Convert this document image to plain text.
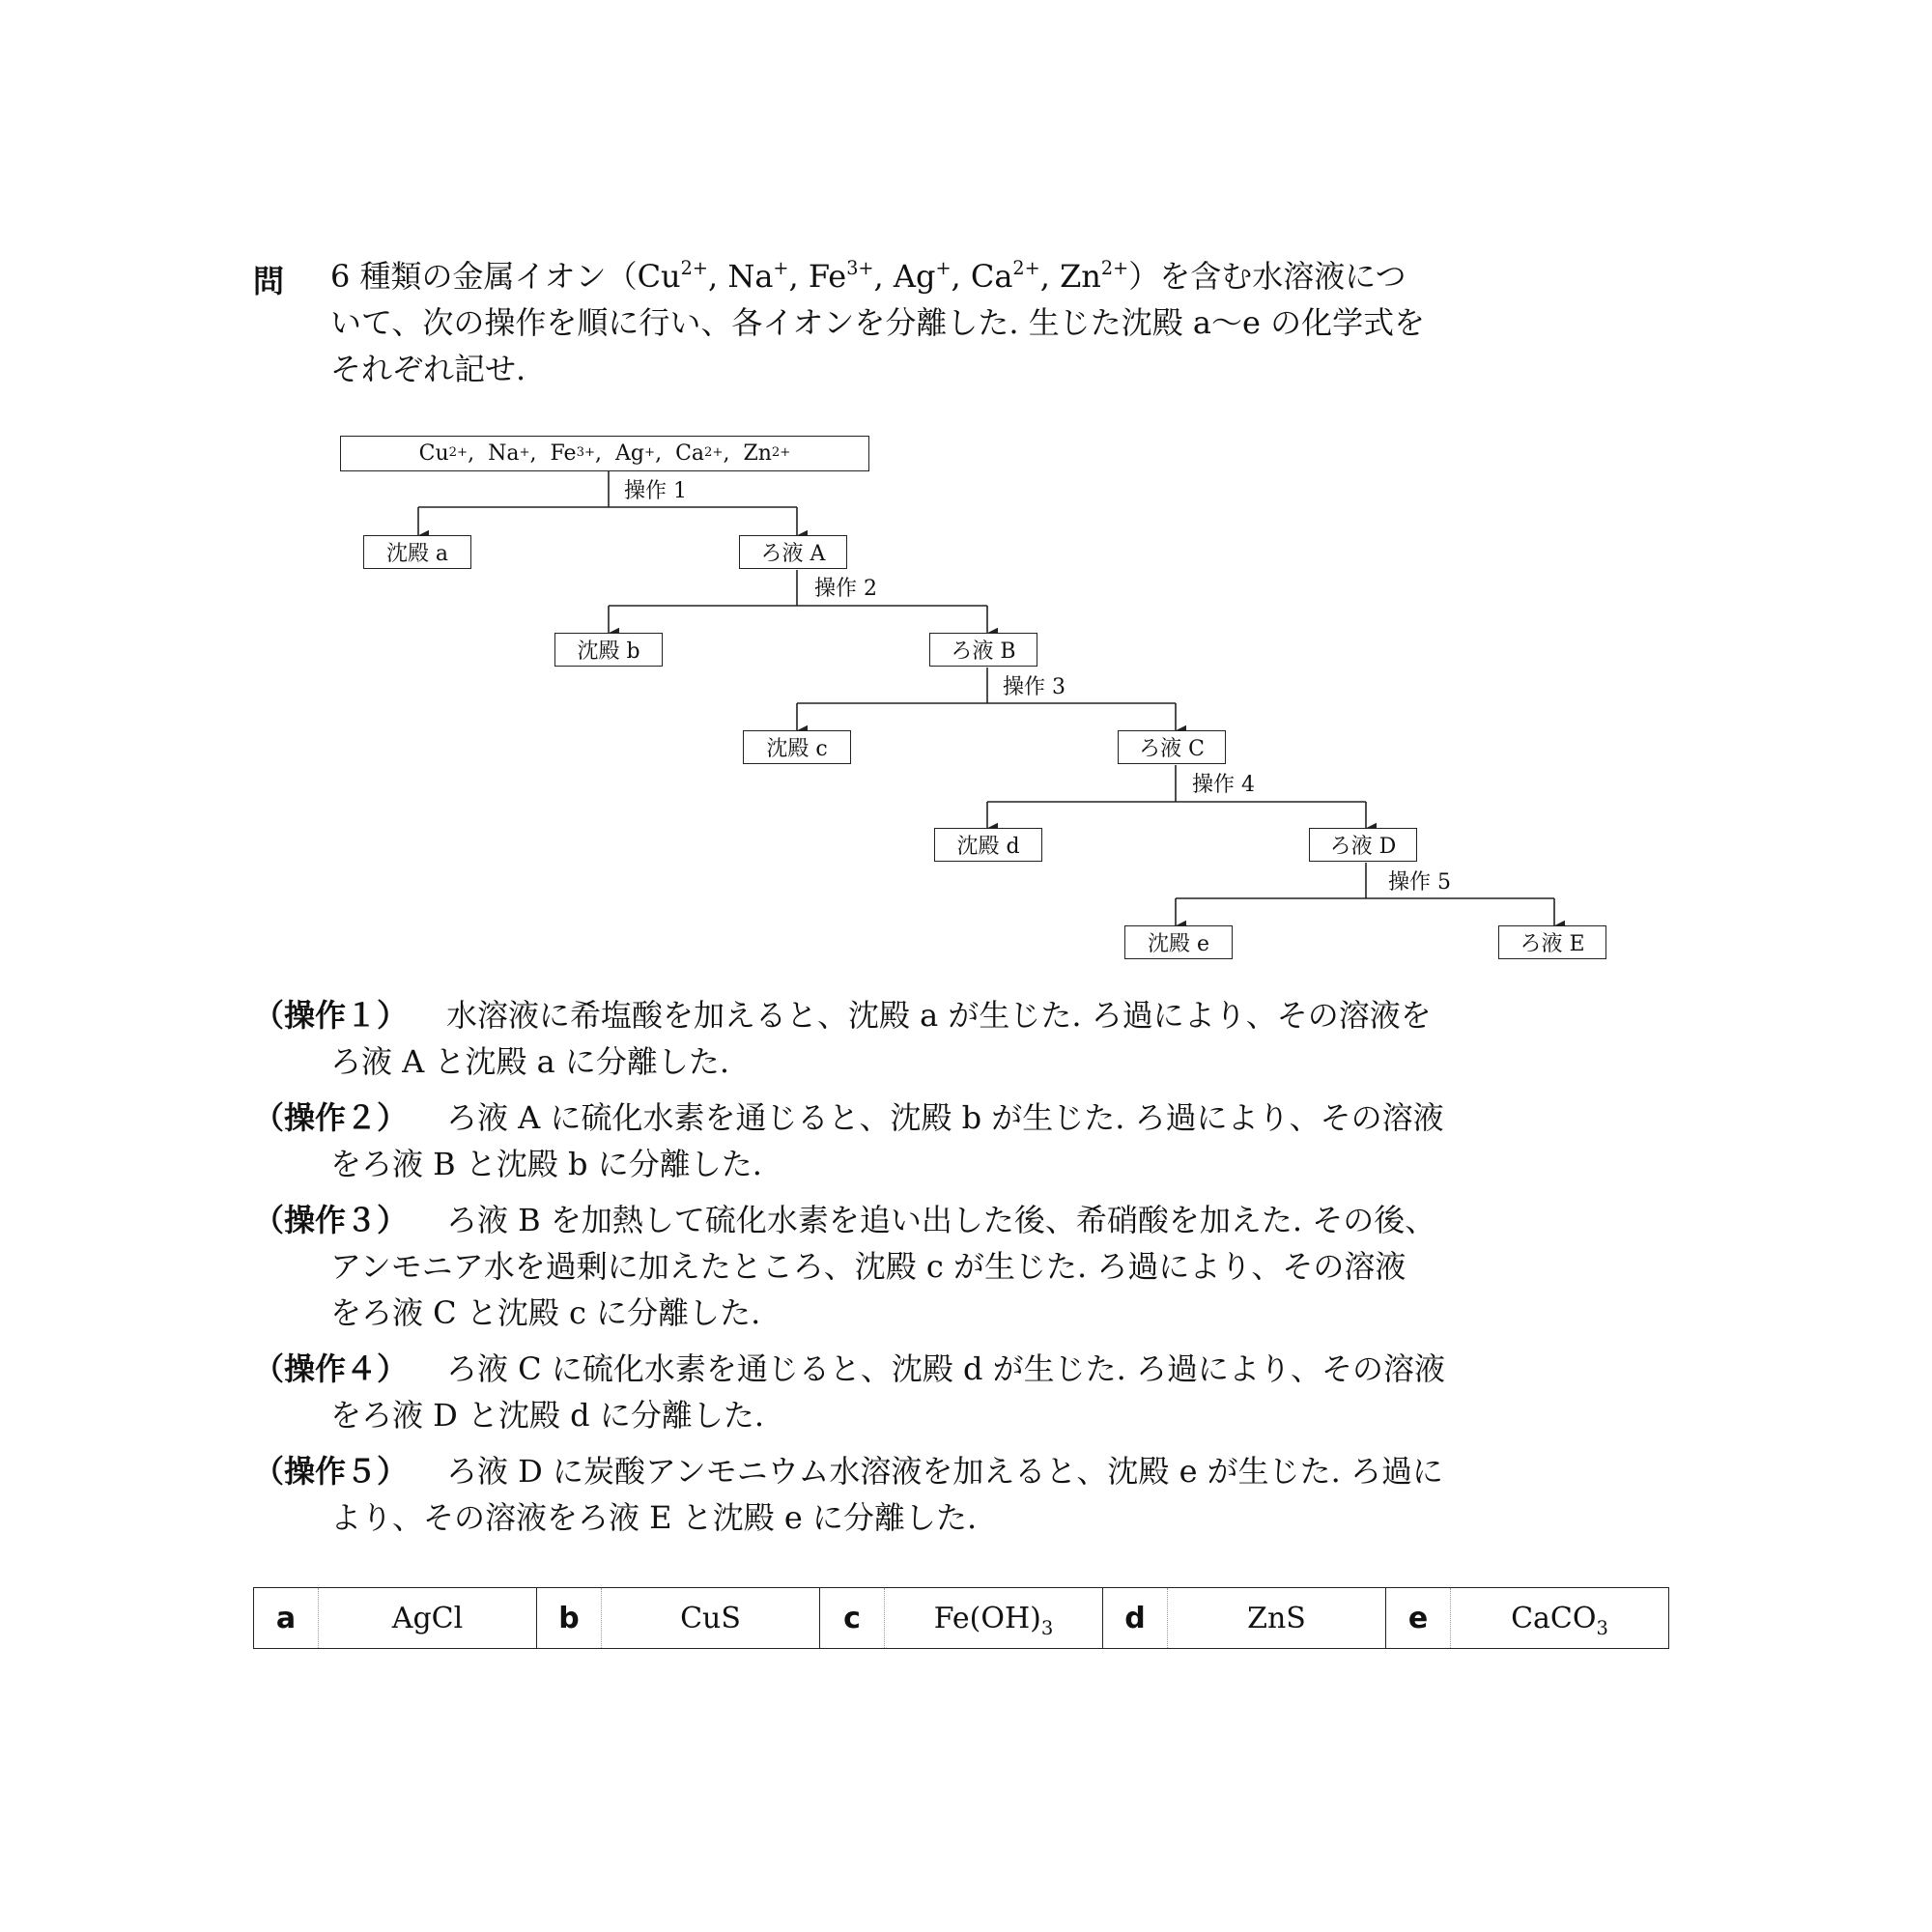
問 6 種類の金属イオン（$Cu^{2+}$, Na+, $Fe^{3+}$, Ag+, $Ca^{2+}$, $Zn^{2+}$）を含む水溶液につ
いて、次の操作を順に行い、各イオンを分離した. 生じた沈殿 a〜e の化学式を
それぞれ記せ.
$Cu^{2+}$ , Na+ , $Fe^{3+}$ , Ag+ , $Ca^{2+}$ , $Zn^{2+}$
操作 1
沈殿 a	ろ液 A
操作 2
沈殿 b	ろ液 B
操作 3
沈殿 c	ろ液 C
操作 4
沈殿 d	ろ液 D
操作 5
沈殿 e	ろ液 E
（操作１） 水溶液に希塩酸を加えると、沈殿 a が生じた. ろ過により、その溶液を
ろ液 A と沈殿 a に分離した.
（操作２） ろ液 A に硫化水素を通じると、沈殿 b が生じた. ろ過により、その溶液
をろ液 B と沈殿 b に分離した.
（操作３） ろ液 B を加熱して硫化水素を追い出した後、希硝酸を加えた. その後、
アンモニア水を過剰に加えたところ、沈殿 c が生じた. ろ過により、その溶液
をろ液 C と沈殿 c に分離した.
（操作４） ろ液 C に硫化水素を通じると、沈殿 d が生じた. ろ過により、その溶液
をろ液 D と沈殿 d に分離した.
（操作５） ろ液 D に炭酸アンモニウム水溶液を加えると、沈殿 e が生じた. ろ過に
より、その溶液をろ液 E と沈殿 e に分離した.
a	AgCl	b	CuS	c	$Fe(OH)_3$	d	ZnS	e	CaCO$_3$
